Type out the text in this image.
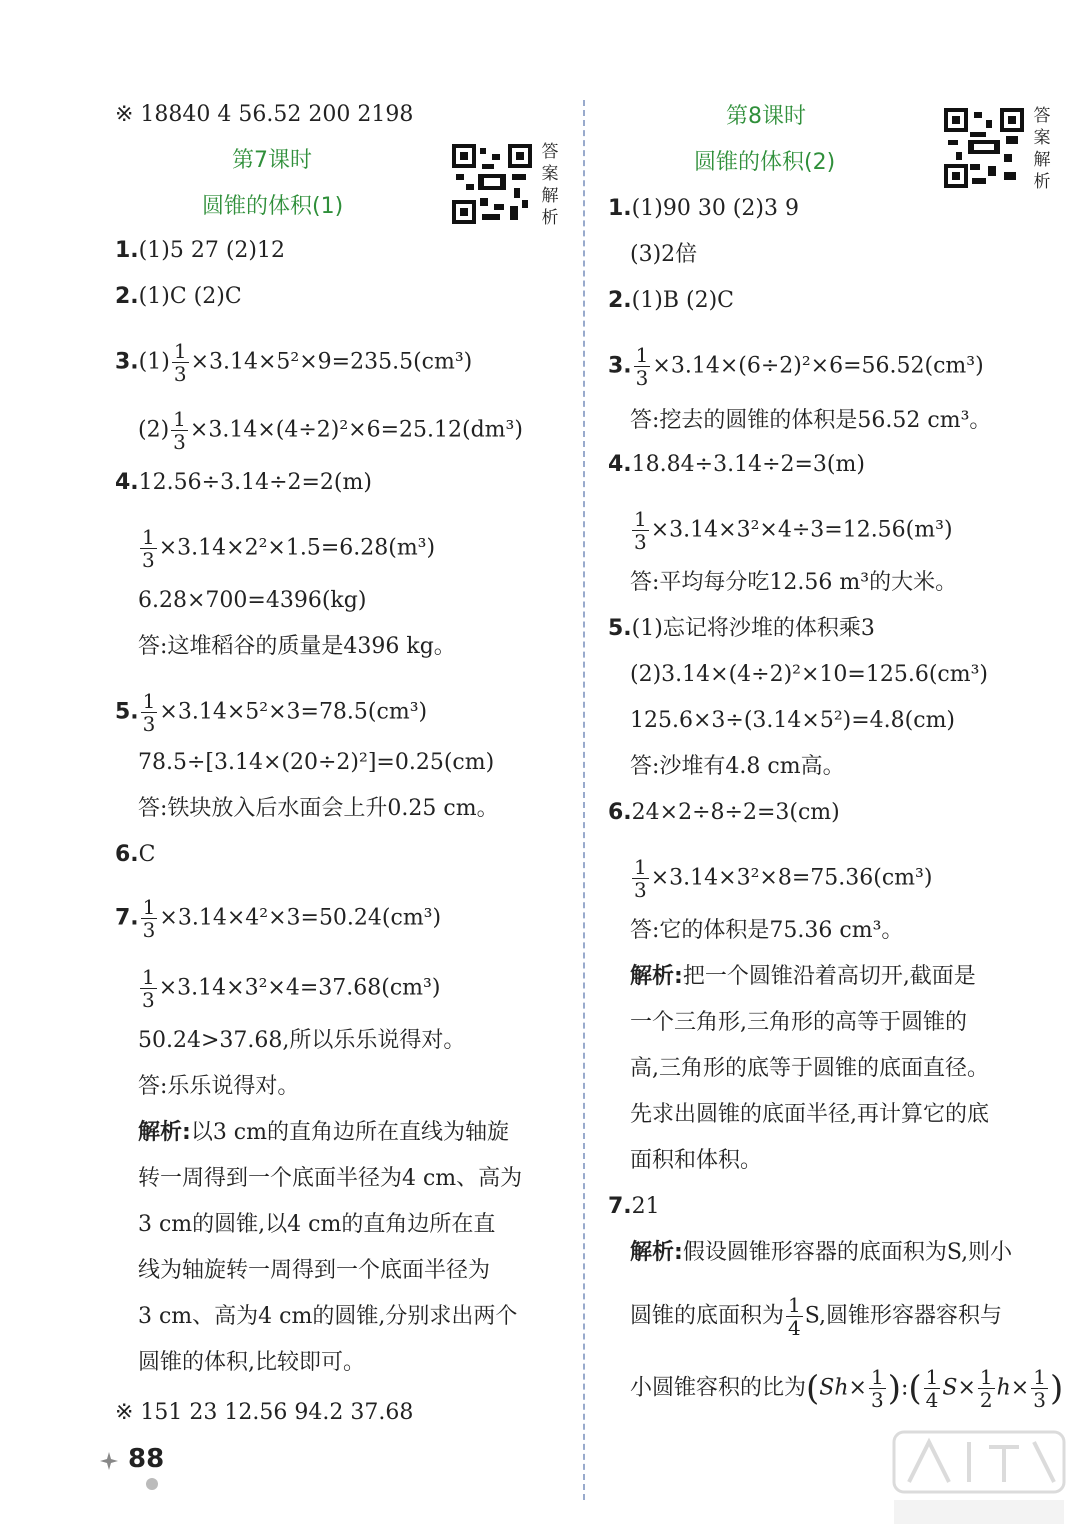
※ 18840 4 56.52 200 2198
第7课时
圆锥的体积(1)
答
案
解
析
1.(1)5 27 (2)12
2.(1)C (2)C
$3.(1) \frac{1}{3} \times 3.14\times 5^2\times 9=235.5(cm^3)$
$(2) \frac{1}{3} \times 3.14\times(4\div 2)^2\times 6=25.12(dm^3)$
4.12.56÷3.14÷2=2(m)
$\frac{1}{3} \times 3.14\times 2^2\times 1.5=6.28(m^3)$
6.28×700=4396(kg)
答:这堆稻谷的质量是4396 kg。
5. $\frac{1}{3} \times 3.14\times 5^2\times 3=78.5(cm^3)$
78.5÷[3.14×(20÷2)²]=0.25(cm)
答:铁块放入后水面会上升0.25 cm。
6.C
7. $\frac{1}{3} \times 3.14\times 4^2\times 3=50.24(cm^3)$
$\frac{1}{3} \times 3.14\times 3^2\times 4=37.68(cm^3)$
50.24>37.68,所以乐乐说得对。
答:乐乐说得对。
解析:以3 cm的直角边所在直线为轴旋
转一周得到一个底面半径为4 cm、高为
3 cm的圆锥,以4 cm的直角边所在直
线为轴旋转一周得到一个底面半径为
3 cm、高为4 cm的圆锥,分别求出两个
圆锥的体积,比较即可。
※ 151 23 12.56 94.2 37.68
第8课时
圆锥的体积(2)
答
案
解
析
1.(1)90 30 (2)3 9
(3)2倍
2.(1)B (2)C
3. $\frac{1}{3} \times 3.14\times(6\div 2)^2\times 6=56.52(cm^3)$
答:挖去的圆锥的体积是56.52 cm³。
4.18.84÷3.14÷2=3(m)
$\frac{1}{3} \times 3.14\times 3^2\times 4\div 3=12.56(m^3)$
答:平均每分吃12.56 m³的大米。
5.(1)忘记将沙堆的体积乘3
(2)3.14×(4÷2)²×10=125.6(cm³)
125.6×3÷(3.14×5²)=4.8(cm)
答:沙堆有4.8 cm高。
6.24×2÷8÷2=3(cm)
$\frac{1}{3} \times 3.14\times 3^2\times 8=75.36(cm^3)$
答:它的体积是75.36 cm³。
解析:把一个圆锥沿着高切开,截面是
一个三角形,三角形的高等于圆锥的
高,三角形的底等于圆锥的底面直径。
先求出圆锥的底面半径,再计算它的底
面积和体积。
7.21
解析:假设圆锥形容器的底面积为S,则小
圆锥的底面积为 $\frac{1}{4} S$,圆锥形容器容积与
小圆锥容积的比为($Sh\times \frac{1}{3}$ ):( $\frac{1}{4} S\times \frac{1}{2} h\times \frac{1}{3}$ )
88
